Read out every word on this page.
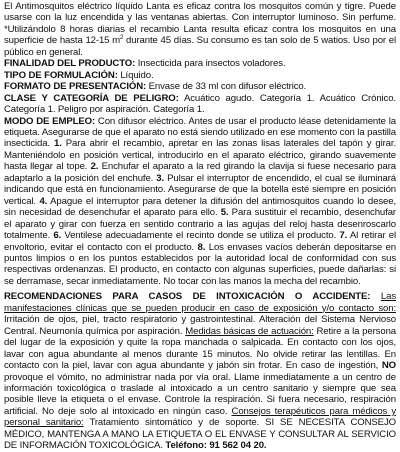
El Antimosquitos eléctrico líquido Lanta es eficaz contra los mosquitos común y tigre. Puede usarse con la luz encendida y las ventanas abiertas. Con interruptor luminoso. Sin perfume. *Utilizándolo 8 horas diarias el recambio Lanta resulta eficaz contra los mosquitos en una superficie de hasta 12-15 $m^2$ durante 45 días. Su consumo es tan solo de 5 watios. Uso por el público en general.

FINALIDAD DEL PRODUCTO: Insecticida para insectos voladores.

TIPO DE FORMULACIÓN: Líquido.

FORMATO DE PRESENTACIÓN: Envase de 33 ml con difusor eléctrico.

CLASE Y CATEGORÍA DE PELIGRO: Acuático agudo. Categoría 1. Acuático Crónico. Categoría 1. Peligro por aspiración. Categoría 1.

MODO DE EMPLEO: Con difusor eléctrico. Antes de usar el producto léase detenidamente la etiqueta. Asegurarse de que el aparato no está siendo utilizado en ese momento con la pastilla insecticida. 1. Para abrir el recambio, apretar en las zonas lisas laterales del tapón y girar. Manteniéndolo en posición vertical, introducirlo en el aparato eléctrico, girando suavemente hasta llegar al tope. 2. Enchufar el aparato a la red girando la clavija si fuese necesario para adaptarlo a la posición del enchufe. 3. Pulsar el interruptor de encendido, el cual se iluminará indicando que está en funcionamiento. Asegurarse de que la botella esté siempre en posición vertical. 4. Apague el interruptor para detener la difusión del antimosquitos cuando lo desee, sin necesidad de desenchufar el aparato para ello. 5. Para sustituir el recambio, desenchufar el aparato y girar con fuerza en sentido contrario a las agujas del reloj hasta desenroscarlo totalmente. 6. Ventilese adecuadamente el recinto donde se utiliza el producto. 7. Al retirar el envoltorio, evitar el contacto con el producto. 8. Los envases vacíos deberán depositarse en puntos limpios o en los puntos establecidos por la autoridad local de conformidad con sus respectivas ordenanzas. El producto, en contacto con algunas superficies, puede dañarlas: si se derramase, secar inmediatamente. No tocar con las manos la mecha del recambio.

RECOMENDACIONES PARA CASOS DE INTOXICACIÓN O ACCIDENTE: Las manifestaciones clínicas que se pueden producir en caso de exposición y/o contacto son: Irritación de ojos, piel, tracto respiratorio y gastrointestinal. Alteración del Sistema Nervioso Central. Neumonía química por aspiración. Medidas básicas de actuación: Retire a la persona del lugar de la exposición y quite la ropa manchada o salpicada. En contacto con los ojos, lavar con agua abundante al menos durante 15 minutos. No olvide retirar las lentillas. En contacto con la piel, lavar con agua abundante y jabón sin frotar. En caso de ingestión, NO provoque el vómito, no administrar nada por vía oral. Llame inmediatamente a un centro de información toxicológica o traslade al intoxicado a un centro sanitario y siempre que sea posible lleve la etiqueta o el envase. Controle la respiración. Si fuera necesario, respiración artificial. No deje solo al intoxicado en ningún caso. Consejos terapéuticos para médicos y personal sanitario: Tratamiento sintomático y de soporte. SI SE NECESITA CONSEJO MÉDICO, MANTENGA A MANO LA ETIQUETA O EL ENVASE Y CONSULTAR AL SERVICIO DE INFORMACIÓN TOXICOLÓGICA. Teléfono: 91 562 04 20.
